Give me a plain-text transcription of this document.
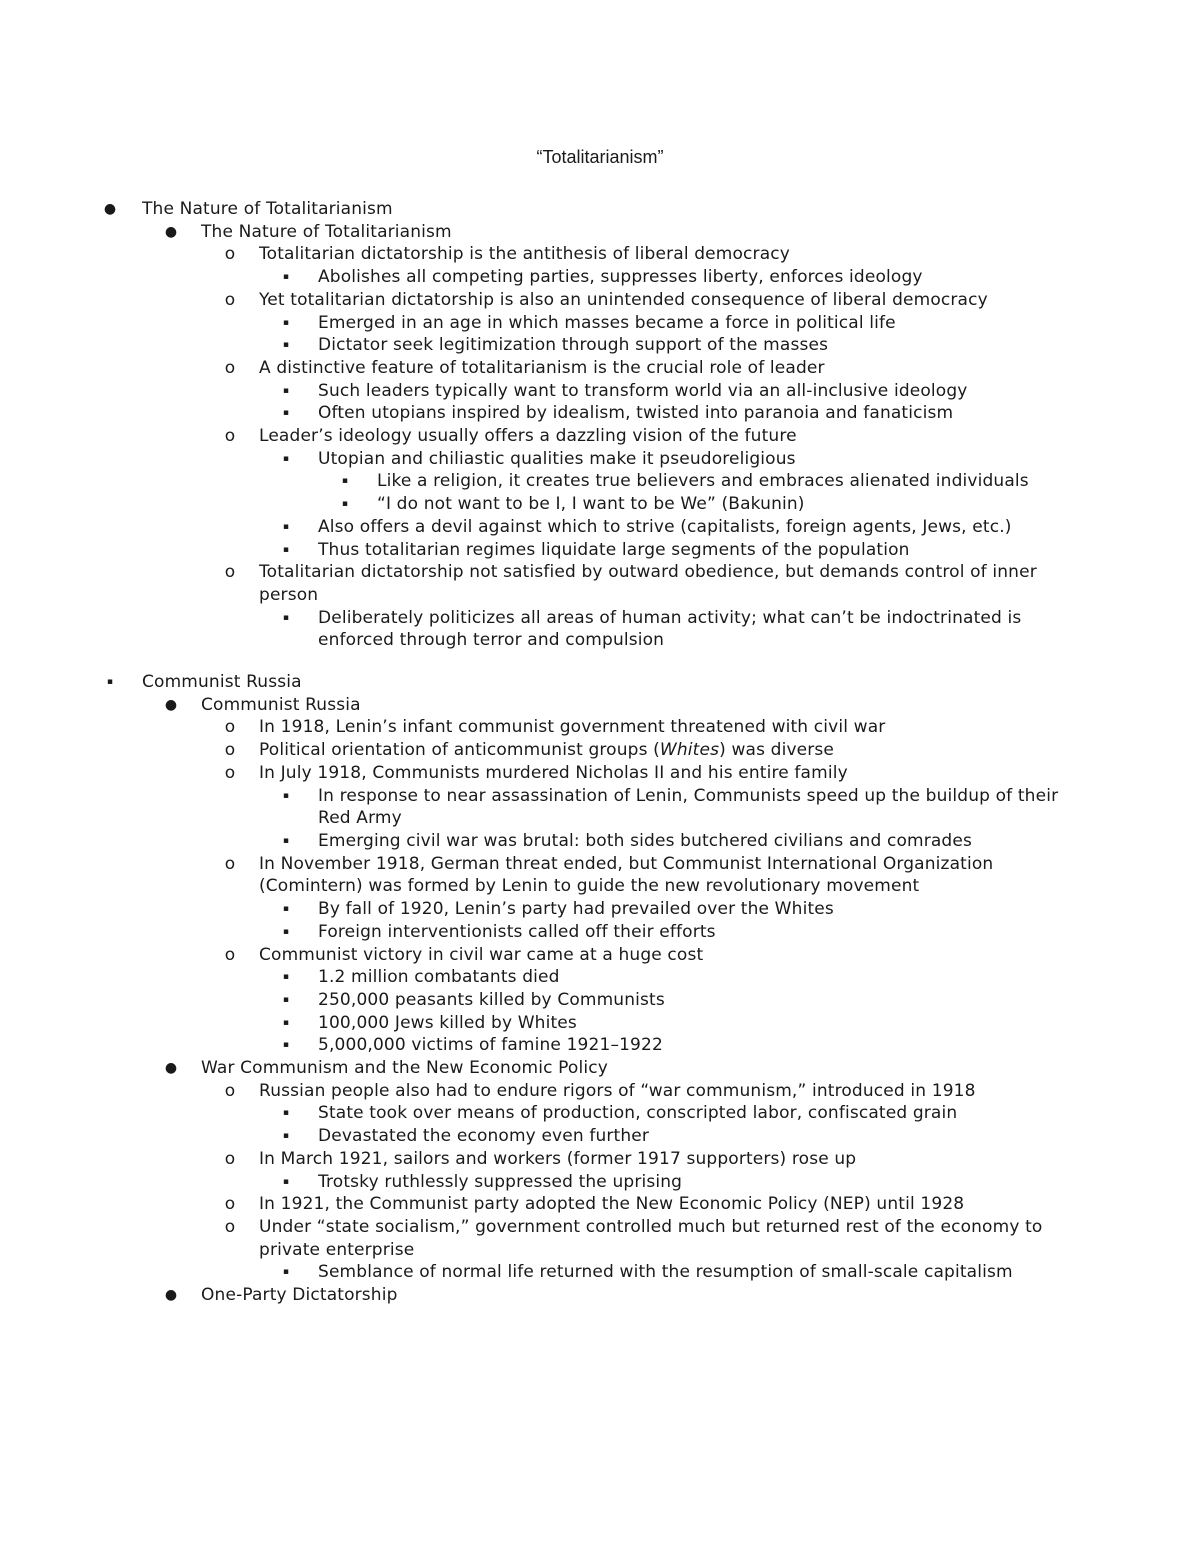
“Totalitarianism”
● The Nature of Totalitarianism
● The Nature of Totalitarianism
o Totalitarian dictatorship is the antithesis of liberal democracy
▪	Abolishes all competing parties, suppresses liberty, enforces ideology
o Yet totalitarian dictatorship is also an unintended consequence of liberal democracy
▪	Emerged in an age in which masses became a force in political life
▪	Dictator seek legitimization through support of the masses
o A distinctive feature of totalitarianism is the crucial role of leader
▪	Such leaders typically want to transform world via an all-inclusive ideology
▪	Often utopians inspired by idealism, twisted into paranoia and fanaticism
o Leader’s ideology usually offers a dazzling vision of the future
▪	Utopian and chiliastic qualities make it pseudoreligious
▪	Like a religion, it creates true believers and embraces alienated individuals
▪	“I do not want to be I, I want to be We” (Bakunin)
▪	Also offers a devil against which to strive (capitalists, foreign agents, Jews, etc.)
▪	Thus totalitarian regimes liquidate large segments of the population
o Totalitarian dictatorship not satisfied by outward obedience, but demands control of inner person
▪	Deliberately politicizes all areas of human activity; what can’t be indoctrinated is enforced through terror and compulsion
▪	Communist Russia
● Communist Russia
o In 1918, Lenin’s infant communist government threatened with civil war
o Political orientation of anticommunist groups (Whites) was diverse
o In July 1918, Communists murdered Nicholas II and his entire family
▪	In response to near assassination of Lenin, Communists speed up the buildup of their Red Army
▪	Emerging civil war was brutal: both sides butchered civilians and comrades
o In November 1918, German threat ended, but Communist International Organization (Comintern) was formed by Lenin to guide the new revolutionary movement
▪	By fall of 1920, Lenin’s party had prevailed over the Whites
▪	Foreign interventionists called off their efforts
o Communist victory in civil war came at a huge cost
▪	1.2 million combatants died
▪	250,000 peasants killed by Communists
▪	100,000 Jews killed by Whites
▪	5,000,000 victims of famine 1921–1922
● War Communism and the New Economic Policy
o Russian people also had to endure rigors of “war communism,” introduced in 1918
▪	State took over means of production, conscripted labor, confiscated grain
▪	Devastated the economy even further
o In March 1921, sailors and workers (former 1917 supporters) rose up
▪	Trotsky ruthlessly suppressed the uprising
o In 1921, the Communist party adopted the New Economic Policy (NEP) until 1928
o Under “state socialism,” government controlled much but returned rest of the economy to private enterprise
▪	Semblance of normal life returned with the resumption of small-scale capitalism
● One-Party Dictatorship
